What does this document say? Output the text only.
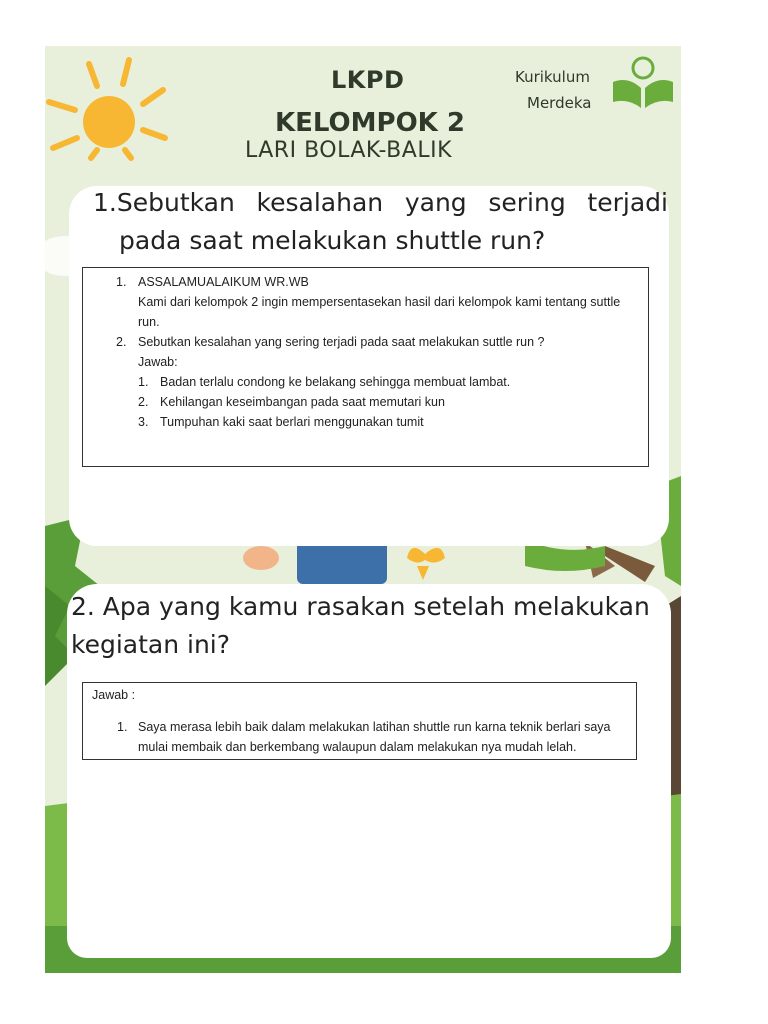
LKPD
KELOMPOK 2
LARI BOLAK-BALIK
Kurikulum
Merdeka
1.Sebutkan kesalahan yang sering terjadi
pada saat melakukan shuttle run?
1. ASSALAMUALAIKUM WR.WB
Kami dari kelompok 2 ingin mempersentasekan hasil dari kelompok kami tentang suttle
run.
2. Sebutkan kesalahan yang sering terjadi pada saat melakukan suttle run ?
Jawab:
1. Badan terlalu condong ke belakang sehingga membuat lambat.
2. Kehilangan keseimbangan pada saat memutari kun
3. Tumpuhan kaki saat berlari menggunakan tumit
2. Apa yang kamu rasakan setelah melakukan
kegiatan ini?
Jawab :
1. Saya merasa lebih baik dalam melakukan latihan shuttle run karna teknik berlari saya
mulai membaik dan berkembang walaupun dalam melakukan nya mudah lelah.
